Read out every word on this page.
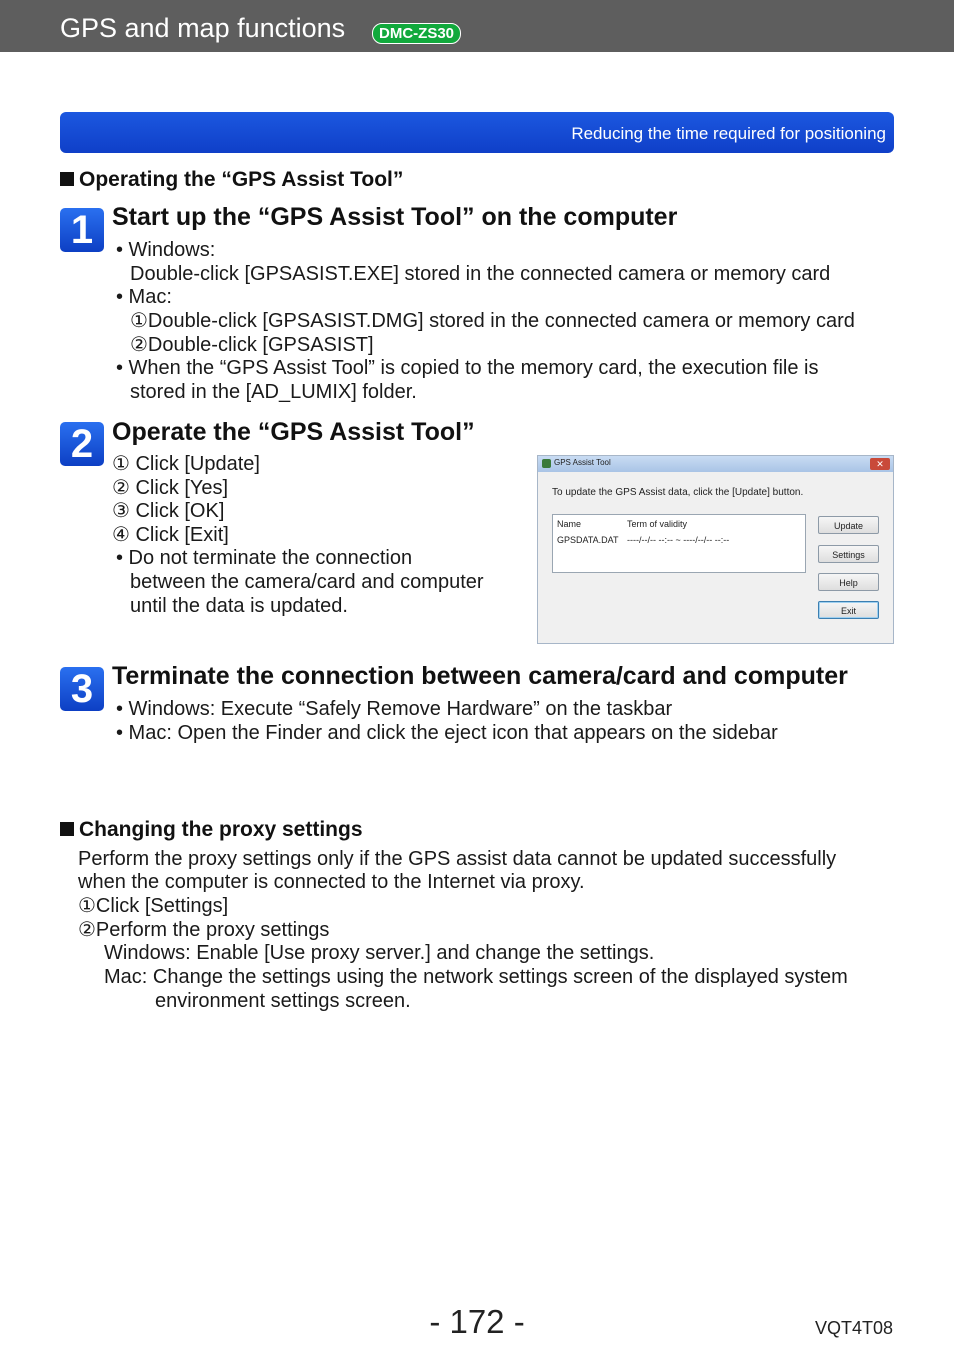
GPS and map functions	DMC-ZS30
Reducing the time required for positioning
Operating the “GPS Assist Tool”
1 Start up the “GPS Assist Tool” on the computer
• Windows:
Double-click [GPSASIST.EXE] stored in the connected camera or memory card
• Mac:
①Double-click [GPSASIST.DMG] stored in the connected camera or memory card
②Double-click [GPSASIST]
• When the “GPS Assist Tool” is copied to the memory card, the execution file is
stored in the [AD_LUMIX] folder.
2 Operate the “GPS Assist Tool”
① Click [Update]
② Click [Yes]
③ Click [OK]
④ Click [Exit]
• Do not terminate the connection
between the camera/card and computer
until the data is updated.
GPS Assist Tool	✕
To update the GPS Assist data, click the [Update] button.
Name	Term of validity
GPSDATA.DAT ----/--/-- --:-- ~ ----/--/-- --:--
Update
Settings
Help
Exit
3 Terminate the connection between camera/card and computer
• Windows: Execute “Safely Remove Hardware” on the taskbar
• Mac: Open the Finder and click the eject icon that appears on the sidebar
Changing the proxy settings
Perform the proxy settings only if the GPS assist data cannot be updated successfully
when the computer is connected to the Internet via proxy.
①Click [Settings]
②Perform the proxy settings
Windows: Enable [Use proxy server.] and change the settings.
Mac: Change the settings using the network settings screen of the displayed system
environment settings screen.
- 172 -	VQT4T08
